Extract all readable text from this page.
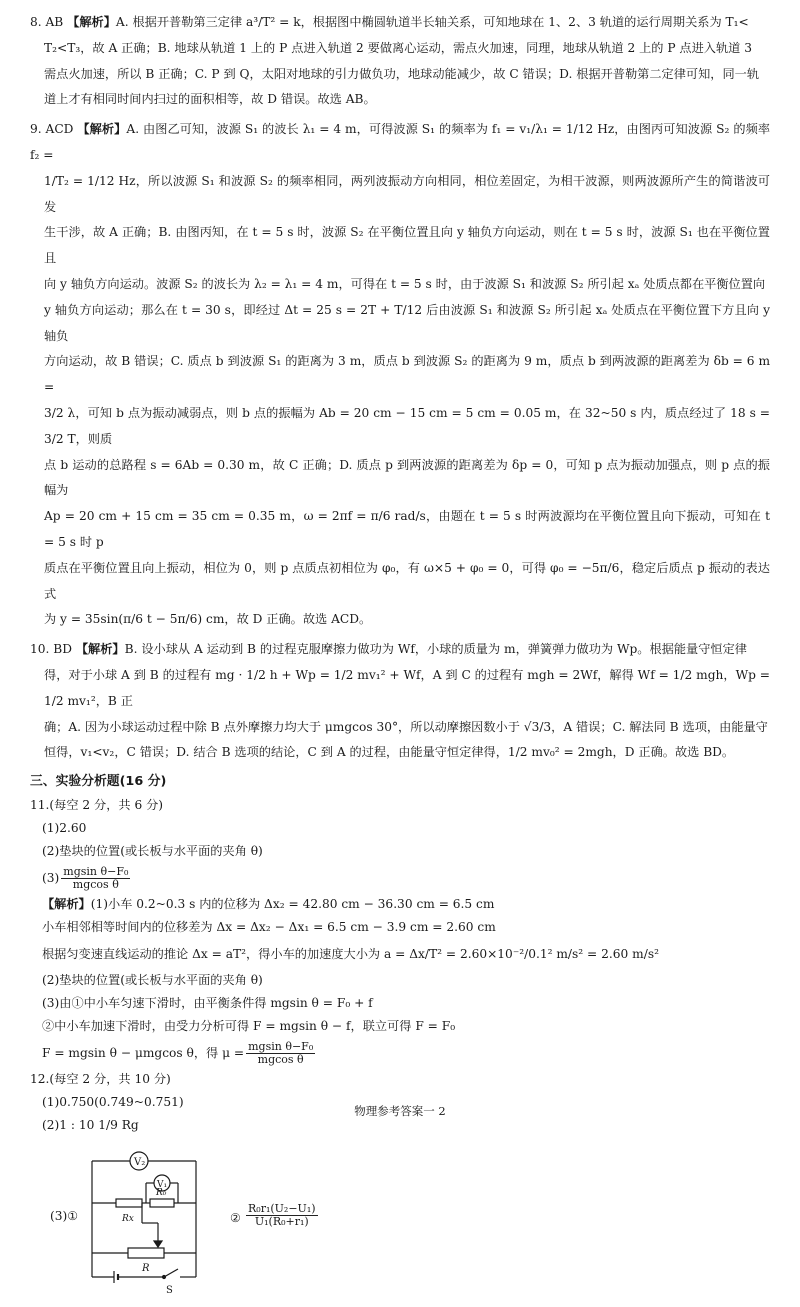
8. AB 【解析】A. 根据开普勒第三定律 a³/T² = k，根据图中椭圆轨道半长轴关系，可知地球在 1、2、3 轨道的运行周期关系为 T₁<

T₂<T₃，故 A 正确；B. 地球从轨道 1 上的 P 点进入轨道 2 要做离心运动，需点火加速，同理，地球从轨道 2 上的 P 点进入轨道 3

需点火加速，所以 B 正确；C. P 到 Q，太阳对地球的引力做负功，地球动能减少，故 C 错误；D. 根据开普勒第二定律可知，同一轨

道上才有相同时间内扫过的面积相等，故 D 错误。故选 AB。

9. ACD 【解析】A. 由图乙可知，波源 S₁ 的波长 λ₁ = 4 m，可得波源 S₁ 的频率为 f₁ = v₁/λ₁ = 1/12 Hz，由图丙可知波源 S₂ 的频率 f₂ =

1/T₂ = 1/12 Hz，所以波源 S₁ 和波源 S₂ 的频率相同，两列波振动方向相同，相位差固定，为相干波源，则两波源所产生的简谐波可发

生干涉，故 A 正确；B. 由图丙知，在 t = 5 s 时，波源 S₂ 在平衡位置且向 y 轴负方向运动，则在 t = 5 s 时，波源 S₁ 也在平衡位置且

向 y 轴负方向运动。波源 S₂ 的波长为 λ₂ = λ₁ = 4 m，可得在 t = 5 s 时，由于波源 S₁ 和波源 S₂ 所引起 xₐ 处质点都在平衡位置向

y 轴负方向运动；那么在 t = 30 s，即经过 Δt = 25 s = 2T + T/12 后由波源 S₁ 和波源 S₂ 所引起 xₐ 处质点在平衡位置下方且向 y 轴负

方向运动，故 B 错误；C. 质点 b 到波源 S₁ 的距离为 3 m，质点 b 到波源 S₂ 的距离为 9 m，质点 b 到两波源的距离差为 δb = 6 m =

3/2 λ，可知 b 点为振动减弱点，则 b 点的振幅为 Ab = 20 cm − 15 cm = 5 cm = 0.05 m，在 32~50 s 内，质点经过了 18 s = 3/2 T，则质

点 b 运动的总路程 s = 6Ab = 0.30 m，故 C 正确；D. 质点 p 到两波源的距离差为 δp = 0，可知 p 点为振动加强点，则 p 点的振幅为

Ap = 20 cm + 15 cm = 35 cm = 0.35 m，ω = 2πf = π/6 rad/s，由题在 t = 5 s 时两波源均在平衡位置且向下振动，可知在 t = 5 s 时 p

质点在平衡位置且向上振动，相位为 0，则 p 点质点初相位为 φ₀，有 ω×5 + φ₀ = 0，可得 φ₀ = −5π/6，稳定后质点 p 振动的表达式

为 y = 35sin(π/6 t − 5π/6) cm，故 D 正确。故选 ACD。

10. BD 【解析】B. 设小球从 A 运动到 B 的过程克服摩擦力做功为 Wf，小球的质量为 m，弹簧弹力做功为 Wp。根据能量守恒定律

得，对于小球 A 到 B 的过程有 mg · 1/2 h + Wp = 1/2 mv₁² + Wf，A 到 C 的过程有 mgh = 2Wf，解得 Wf = 1/2 mgh，Wp = 1/2 mv₁²，B 正

确；A. 因为小球运动过程中除 B 点外摩擦力均大于 μmgcos 30°，所以动摩擦因数小于 √3/3，A 错误；C. 解法同 B 选项，由能量守

恒得，v₁<v₂，C 错误；D. 结合 B 选项的结论，C 到 A 的过程，由能量守恒定律得，1/2 mv₀² = 2mgh，D 正确。故选 BD。

三、实验分析题(16 分)
11.(每空 2 分，共 6 分)
(1)2.60
(2)垫块的位置(或长板与水平面的夹角 θ)
$(3) \frac{\text{mgsin θ−F₀}}{\text{mgcos θ}}$
【解析】(1)小车 0.2~0.3 s 内的位移为 Δx₂ = 42.80 cm − 36.30 cm = 6.5 cm
小车相邻相等时间内的位移差为 Δx = Δx₂ − Δx₁ = 6.5 cm − 3.9 cm = 2.60 cm
根据匀变速直线运动的推论 Δx = aT²，得小车的加速度大小为 a = Δx/T² = 2.60×10⁻²/0.1² m/s² = 2.60 m/s²
(2)垫块的位置(或长板与水平面的夹角 θ)
(3)由①中小车匀速下滑时，由平衡条件得 mgsin θ = F₀ + f
②中小车加速下滑时，由受力分析可得 F = mgsin θ − f，联立可得 F = F₀
F = mgsin θ − μmgcos θ，得 $\mu = \frac{\text{mgsin θ−F₀}}{\text{mgcos θ}}$
12.(每空 2 分，共 10 分)
(1)0.750(0.749~0.751)
(2)1 : 10 1/9 Rg
(3)①
V₂
Rx
R₀
V₁
R
S
② $\frac{\text{R₀r₁(U₂−U₁)}}{\text{U₁(R₀+r₁)}}$
物理参考答案一 2
